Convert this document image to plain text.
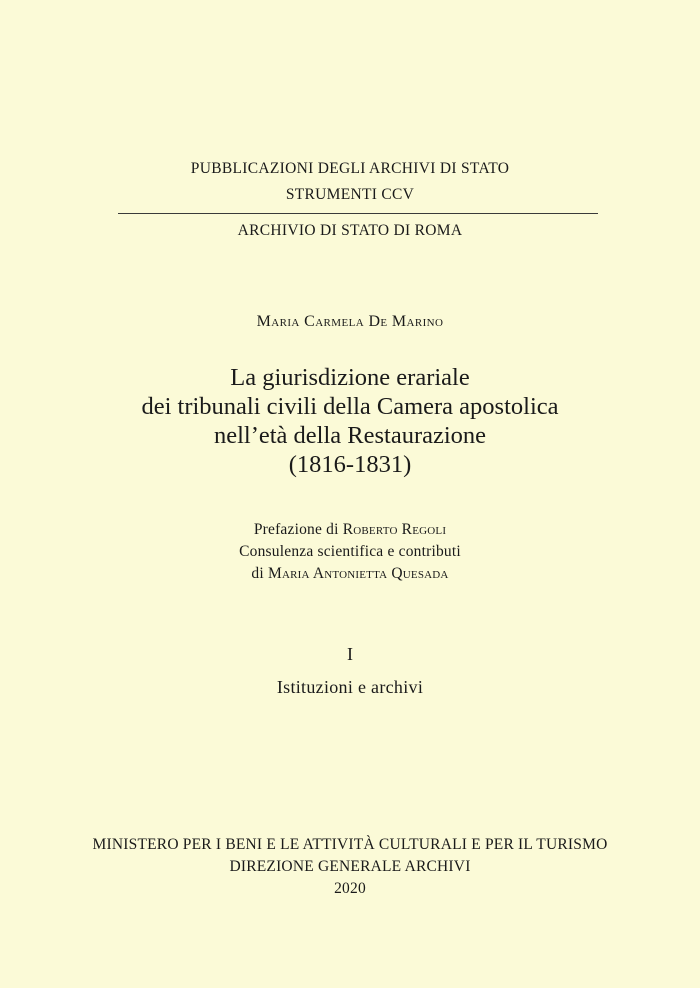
PUBBLICAZIONI DEGLI ARCHIVI DI STATO
STRUMENTI CCV
ARCHIVIO DI STATO DI ROMA
Maria Carmela De Marino
La giurisdizione erariale
dei tribunali civili della Camera apostolica
nell’età della Restaurazione
(1816-1831)
Prefazione di Roberto Regoli
Consulenza scientifica e contributi
di Maria Antonietta Quesada
I
Istituzioni e archivi
MINISTERO PER I BENI E LE ATTIVITÀ CULTURALI E PER IL TURISMO
DIREZIONE GENERALE ARCHIVI
2020
